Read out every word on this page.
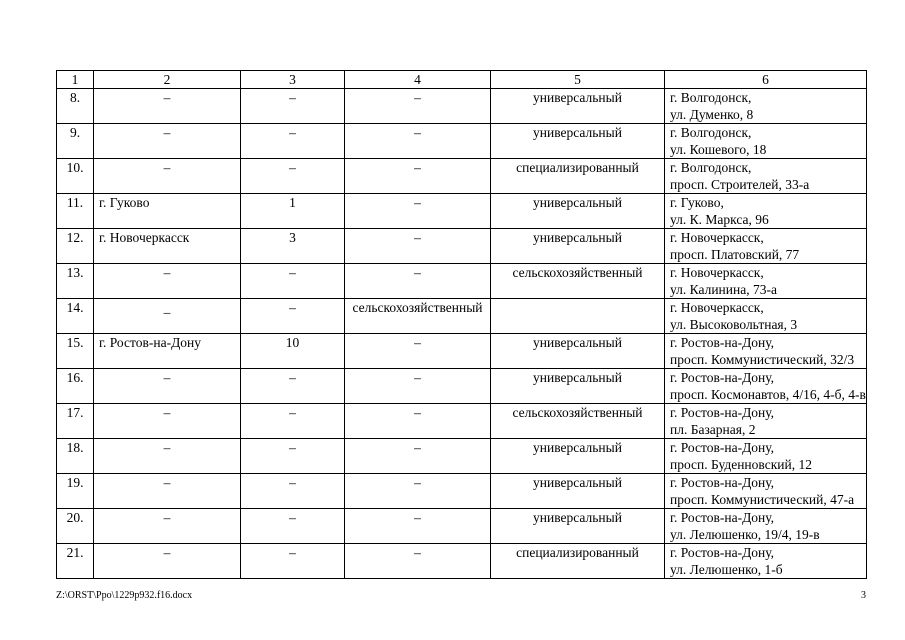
1	2	3	4	5	6
8.	–	–	–	универсальный	г. Волгодонск,
ул. Думенко, 8

9.	–	–	–	универсальный	г. Волгодонск,
ул. Кошевого, 18

10.	–	–	–	специализированный	г. Волгодонск,
просп. Строителей, 33-а

11.	г. Гуково	1	–	универсальный	г. Гуково,
ул. К. Маркса, 96

12.	г. Новочеркасск	3	–	универсальный	г. Новочеркасск,
просп. Платовский, 77

13.	–	–	–	сельскохозяйственный	г. Новочеркасск,
ул. Калинина, 73-а

14.	_	–	сельскохозяйственный		г. Новочеркасск,
ул. Высоковольтная, 3

15.	г. Ростов-на-Дону	10	–	универсальный	г. Ростов-на-Дону,
просп. Коммунистический, 32/3

16.	–	–	–	универсальный	г. Ростов-на-Дону,
просп. Космонавтов, 4/16, 4-б, 4-в

17.	–	–	–	сельскохозяйственный	г. Ростов-на-Дону,
пл. Базарная, 2

18.	–	–	–	универсальный	г. Ростов-на-Дону,
просп. Буденновский, 12

19.	–	–	–	универсальный	г. Ростов-на-Дону,
просп. Коммунистический, 47-а

20.	–	–	–	универсальный	г. Ростов-на-Дону,
ул. Лелюшенко, 19/4, 19-в

21.	–	–	–	специализированный	г. Ростов-на-Дону,
ул. Лелюшенко, 1-б
Z:\ORST\Ppo\1229p932.f16.docx	3
